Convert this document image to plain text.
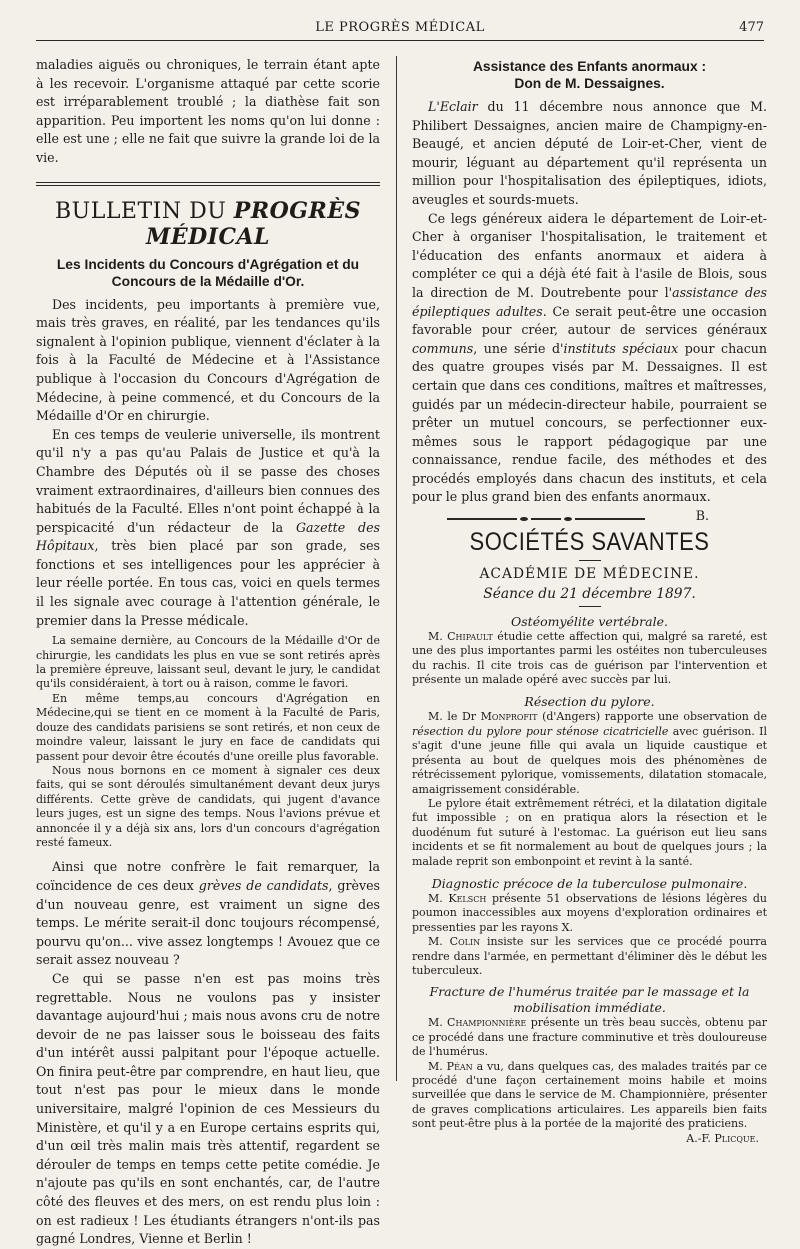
LE PROGRÈS MÉDICAL	477

maladies aiguës ou chroniques, le terrain étant apte à les recevoir. L'organisme attaqué par cette scorie est irréparablement troublé ; la diathèse fait son apparition. Peu importent les noms qu'on lui donne : elle est une ; elle ne fait que suivre la grande loi de la vie.

BULLETIN DU PROGRÈS MÉDICAL

Les Incidents du Concours d'Agrégation et du Concours de la Médaille d'Or.

Des incidents, peu importants à première vue, mais très graves, en réalité, par les tendances qu'ils signalent à l'opinion publique, viennent d'éclater à la fois à la Faculté de Médecine et à l'Assistance publique à l'occasion du Concours d'Agrégation de Médecine, à peine commencé, et du Concours de la Médaille d'Or en chirurgie.

En ces temps de veulerie universelle, ils montrent qu'il n'y a pas qu'au Palais de Justice et qu'à la Chambre des Députés où il se passe des choses vraiment extraordinaires, d'ailleurs bien connues des habitués de la Faculté. Elles n'ont point échappé à la perspicacité d'un rédacteur de la Gazette des Hôpitaux, très bien placé par son grade, ses fonctions et ses intelligences pour les apprécier à leur réelle portée. En tous cas, voici en quels termes il les signale avec courage à l'attention générale, le premier dans la Presse médicale.

La semaine dernière, au Concours de la Médaille d'Or de chirurgie, les candidats les plus en vue se sont retirés après la première épreuve, laissant seul, devant le jury, le candidat qu'ils considéraient, à tort ou à raison, comme le favori.

En même temps,au concours d'Agrégation en Médecine,qui se tient en ce moment à la Faculté de Paris, douze des candidats parisiens se sont retirés, et non ceux de moindre valeur, laissant le jury en face de candidats qui passent pour devoir être écoutés d'une oreille plus favorable.

Nous nous bornons en ce moment à signaler ces deux faits, qui se sont déroulés simultanément devant deux jurys différents. Cette grève de candidats, qui jugent d'avance leurs juges, est un signe des temps. Nous l'avions prévue et annoncée il y a déjà six ans, lors d'un concours d'agrégation resté fameux.

Ainsi que notre confrère le fait remarquer, la coïncidence de ces deux grèves de candidats, grèves d'un nouveau genre, est vraiment un signe des temps. Le mérite serait-il donc toujours récompensé, pourvu qu'on... vive assez longtemps ! Avouez que ce serait assez nouveau ?

Ce qui se passe n'en est pas moins très regrettable. Nous ne voulons pas y insister davantage aujourd'hui ; mais nous avons cru de notre devoir de ne pas laisser sous le boisseau des faits d'un intérêt aussi palpitant pour l'époque actuelle. On finira peut-être par comprendre, en haut lieu, que tout n'est pas pour le mieux dans le monde universitaire, malgré l'opinion de ces Messieurs du Ministère, et qu'il y a en Europe certains esprits qui, d'un œil très malin mais très attentif, regardent se dérouler de temps en temps cette petite comédie. Je n'ajoute pas qu'ils en sont enchantés, car, de l'autre côté des fleuves et des mers, on est rendu plus loin : on est radieux ! Les étudiants étrangers n'ont-ils pas gagné Londres, Vienne et Berlin !

Assistance des Enfants anormaux :

Don de M. Dessaignes.

L'Eclair du 11 décembre nous annonce que M. Philibert Dessaignes, ancien maire de Champigny-en-Beaugé, et ancien député de Loir-et-Cher, vient de mourir, léguant au département qu'il représenta un million pour l'hospitalisation des épileptiques, idiots, aveugles et sourds-muets.

Ce legs généreux aidera le département de Loir-et-Cher à organiser l'hospitalisation, le traitement et l'éducation des enfants anormaux et aidera à compléter ce qui a déjà été fait à l'asile de Blois, sous la direction de M. Doutrebente pour l'assistance des épileptiques adultes. Ce serait peut-être une occasion favorable pour créer, autour de services généraux communs, une série d'instituts spéciaux pour chacun des quatre groupes visés par M. Dessaignes. Il est certain que dans ces conditions, maîtres et maîtresses, guidés par un médecin-directeur habile, pourraient se prêter un mutuel concours, se perfectionner eux-mêmes sous le rapport pédagogique par une connaissance, rendue facile, des méthodes et des procédés employés dans chacun des instituts, et cela pour le plus grand bien des enfants anormaux.
B.

SOCIÉTÉS SAVANTES

ACADÉMIE DE MÉDECINE.

Séance du 21 décembre 1897.

Ostéomyélite vertébrale.

M. Chipault étudie cette affection qui, malgré sa rareté, est une des plus importantes parmi les ostéites non tuberculeuses du rachis. Il cite trois cas de guérison par l'intervention et présente un malade opéré avec succès par lui.

Résection du pylore.

M. le Dr Monprofit (d'Angers) rapporte une observation de résection du pylore pour sténose cicatricielle avec guérison. Il s'agit d'une jeune fille qui avala un liquide caustique et présenta au bout de quelques mois des phénomènes de rétrécissement pylorique, vomissements, dilatation stomacale, amaigrissement considérable.

Le pylore était extrêmement rétréci, et la dilatation digitale fut impossible ; on en pratiqua alors la résection et le duodénum fut suturé à l'estomac. La guérison eut lieu sans incidents et se fit normalement au bout de quelques jours ; la malade reprit son embonpoint et revint à la santé.

Diagnostic précoce de la tuberculose pulmonaire.

M. Kelsch présente 51 observations de lésions légères du poumon inaccessibles aux moyens d'exploration ordinaires et pressenties par les rayons X.

M. Colin insiste sur les services que ce procédé pourra rendre dans l'armée, en permettant d'éliminer dès le début les tuberculeux.

Fracture de l'humérus traitée par le massage et la mobilisation immédiate.

M. Championnière présente un très beau succès, obtenu par ce procédé dans une fracture comminutive et très douloureuse de l'humérus.

M. Péan a vu, dans quelques cas, des malades traités par ce procédé d'une façon certainement moins habile et moins surveillée que dans le service de M. Championnière, présenter de graves complications articulaires. Les appareils bien faits sont peut-être plus à la portée de la majorité des praticiens.
A.-F. Plicque.
